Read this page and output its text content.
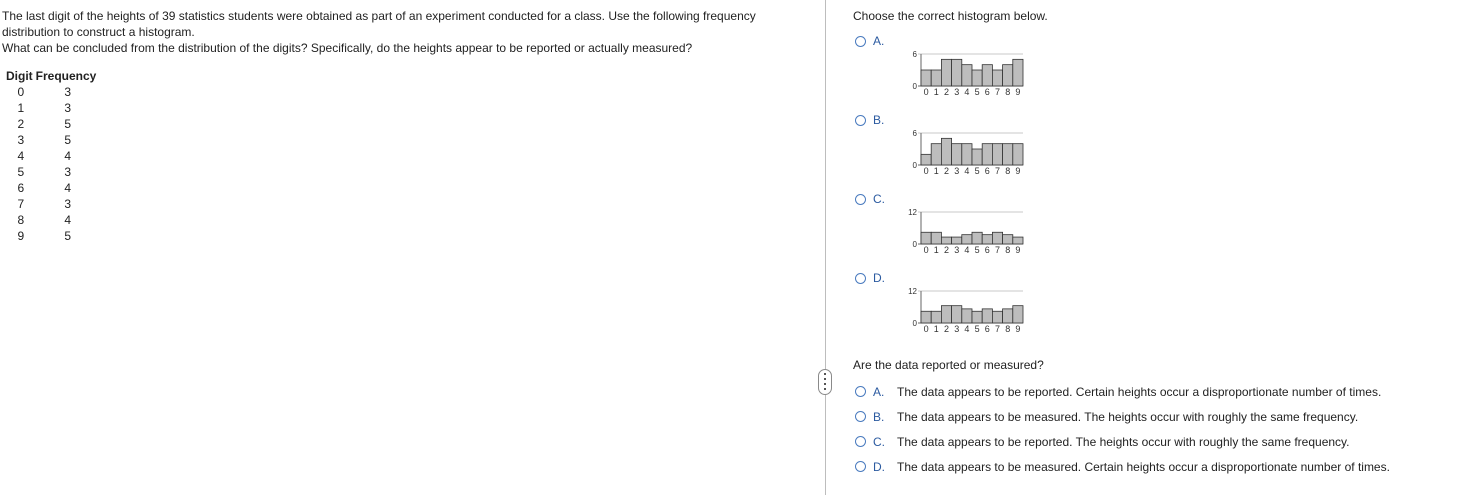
The last digit of the heights of 39 statistics students were obtained as part of an experiment conducted for a class. Use the following frequency distribution to construct a histogram.

What can be concluded from the distribution of the digits? Specifically, do the heights appear to be reported or actually measured?

Digit	Frequency
0	3
1	3
2	5
3	5
4	4
5	3
6	4
7	3
8	4
9	5
Choose the correct histogram below.
A.
6
0
0 1 2 3 4 5 6 7 8 9
B.
6
0
0 1 2 3 4 5 6 7 8 9
C.
12
0
0 1 2 3 4 5 6 7 8 9
D.
12
0
0 1 2 3 4 5 6 7 8 9
Are the data reported or measured?
A. The data appears to be reported. Certain heights occur a disproportionate number of times.
B. The data appears to be measured. The heights occur with roughly the same frequency.
C. The data appears to be reported. The heights occur with roughly the same frequency.
D. The data appears to be measured. Certain heights occur a disproportionate number of times.
